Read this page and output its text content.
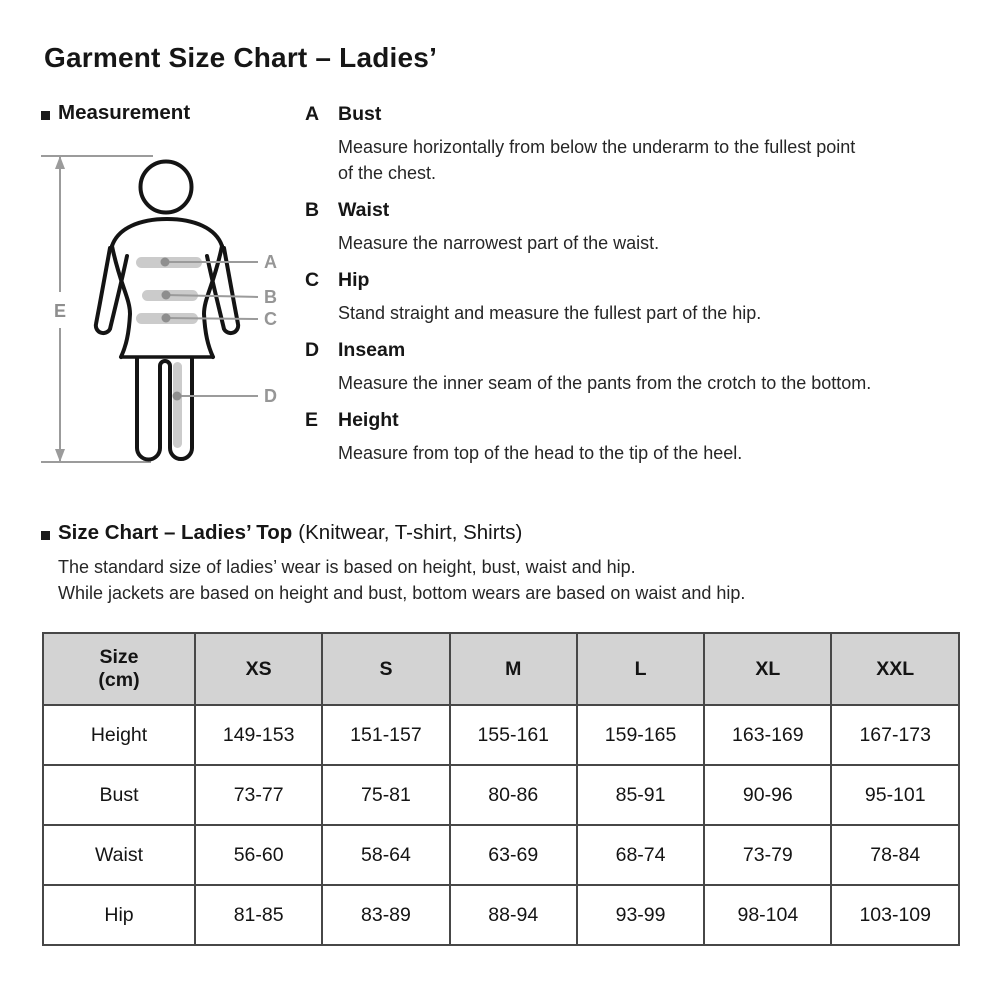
Garment Size Chart – Ladies’
Measurement
E
A
B
C
D
A Bust
Measure horizontally from below the underarm to the fullest point
of the chest.
B Waist
Measure the narrowest part of the waist.
C Hip
Stand straight and measure the fullest part of the hip.
D Inseam
Measure the inner seam of the pants from the crotch to the bottom.
E	Height
Measure from top of the head to the tip of the heel.
Size Chart – Ladies’ Top (Knitwear, T-shirt, Shirts)
The standard size of ladies’ wear is based on height, bust, waist and hip.
While jackets are based on height and bust, bottom wears are based on waist and hip.
Size (cm)	XS	S	M	L	XL	XXL
Height	149-153	151-157	155-161	159-165	163-169	167-173
Bust	73-77	75-81	80-86	85-91	90-96	95-101
Waist	56-60	58-64	63-69	68-74	73-79	78-84
Hip	81-85	83-89	88-94	93-99	98-104	103-109
